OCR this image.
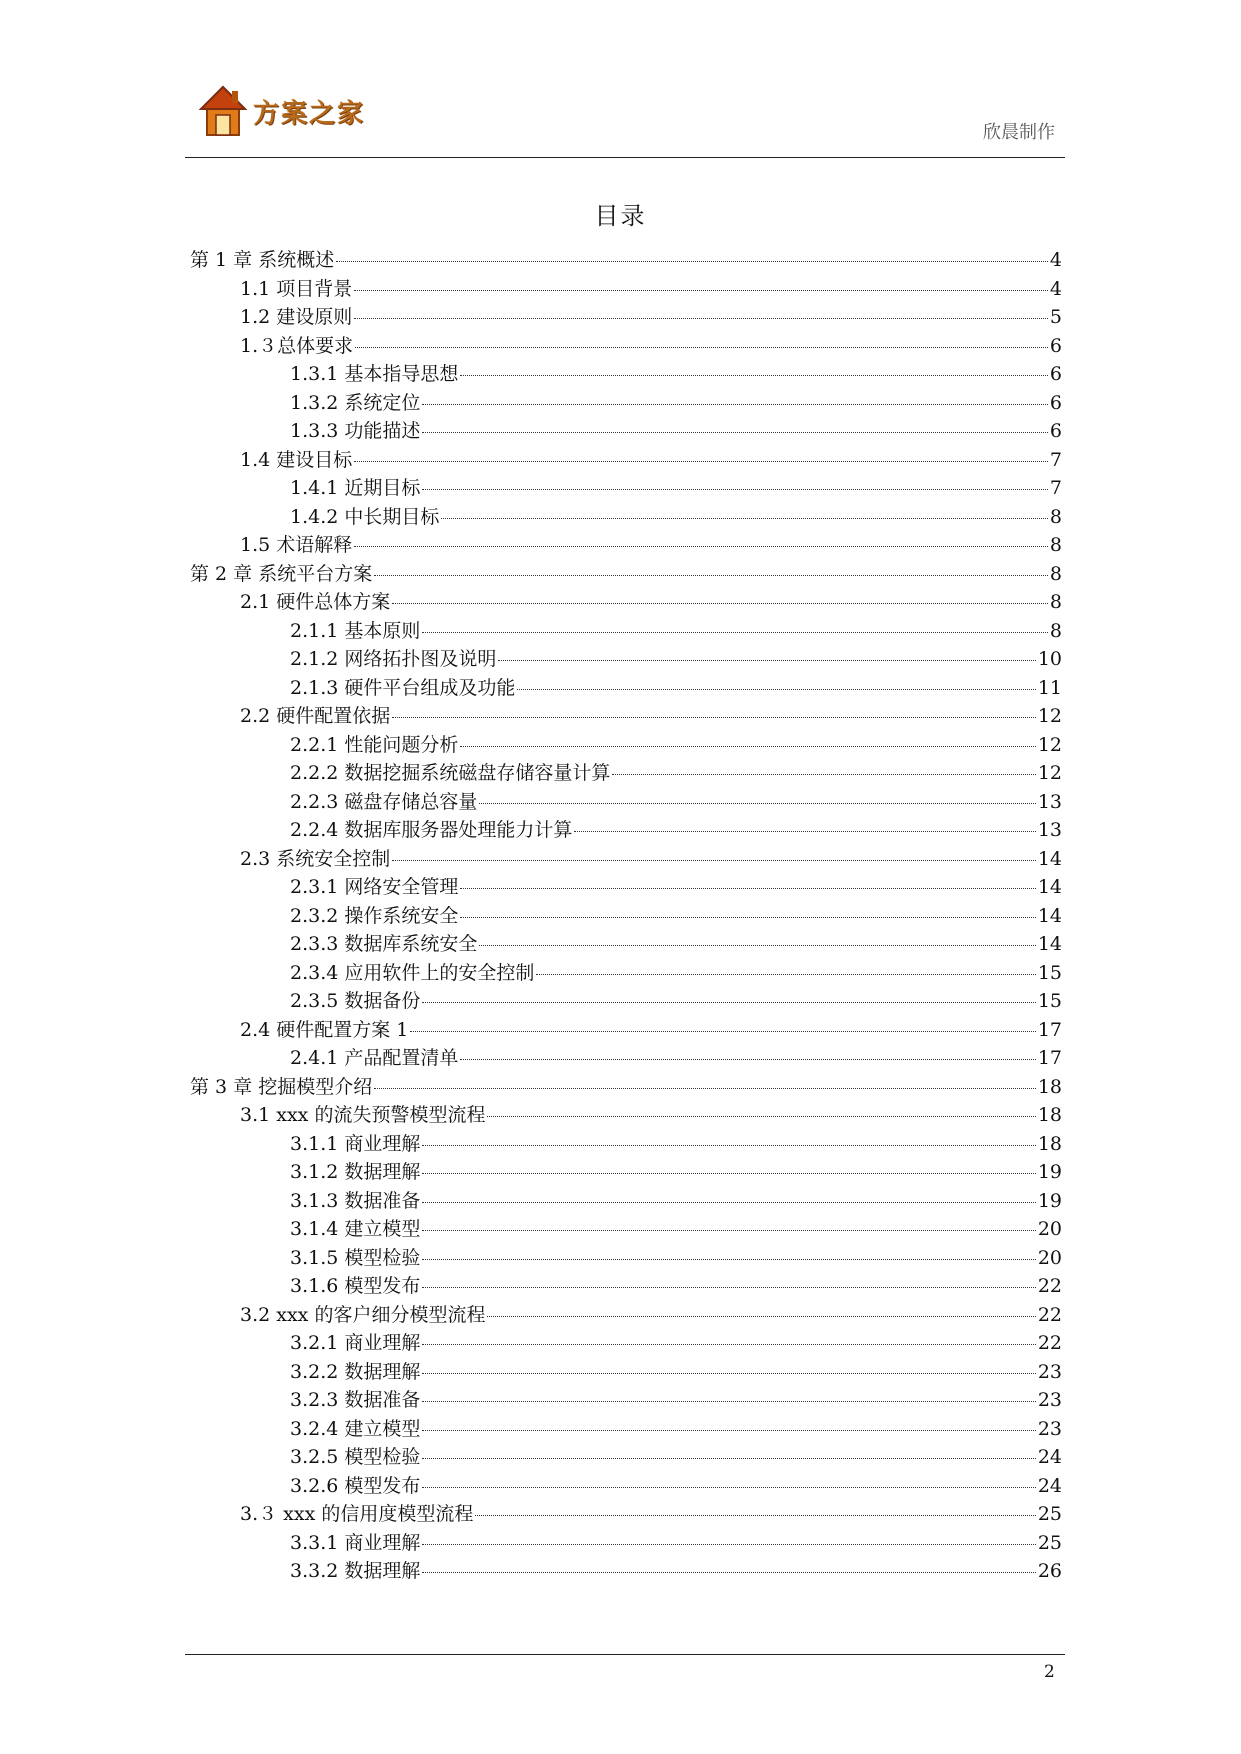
方案之家
欣晨制作
目录
第 1 章 系统概述	4
1.1 项目背景	4
1.2 建设原则	5
1.３总体要求	6
1.3.1 基本指导思想	6
1.3.2 系统定位	6
1.3.3 功能描述	6
1.4 建设目标	7
1.4.1 近期目标	7
1.4.2 中长期目标	8
1.5 术语解释	8
第 2 章 系统平台方案	8
2.1 硬件总体方案	8
2.1.1 基本原则	8
2.1.2 网络拓扑图及说明	10
2.1.3 硬件平台组成及功能	11
2.2 硬件配置依据	12
2.2.1 性能问题分析	12
2.2.2 数据挖掘系统磁盘存储容量计算	12
2.2.3 磁盘存储总容量	13
2.2.4 数据库服务器处理能力计算	13
2.3 系统安全控制	14
2.3.1 网络安全管理	14
2.3.2 操作系统安全	14
2.3.3 数据库系统安全	14
2.3.4 应用软件上的安全控制	15
2.3.5 数据备份	15
2.4 硬件配置方案 1	17
2.4.1 产品配置清单	17
第 3 章 挖掘模型介绍	18
3.1 xxx 的流失预警模型流程	18
3.1.1 商业理解	18
3.1.2 数据理解	19
3.1.3 数据准备	19
3.1.4 建立模型	20
3.1.5 模型检验	20
3.1.6 模型发布	22
3.2 xxx 的客户细分模型流程	22
3.2.1 商业理解	22
3.2.2 数据理解	23
3.2.3 数据准备	23
3.2.4 建立模型	23
3.2.5 模型检验	24
3.2.6 模型发布	24
3.３ xxx 的信用度模型流程	25
3.3.1 商业理解	25
3.3.2 数据理解	26
2
